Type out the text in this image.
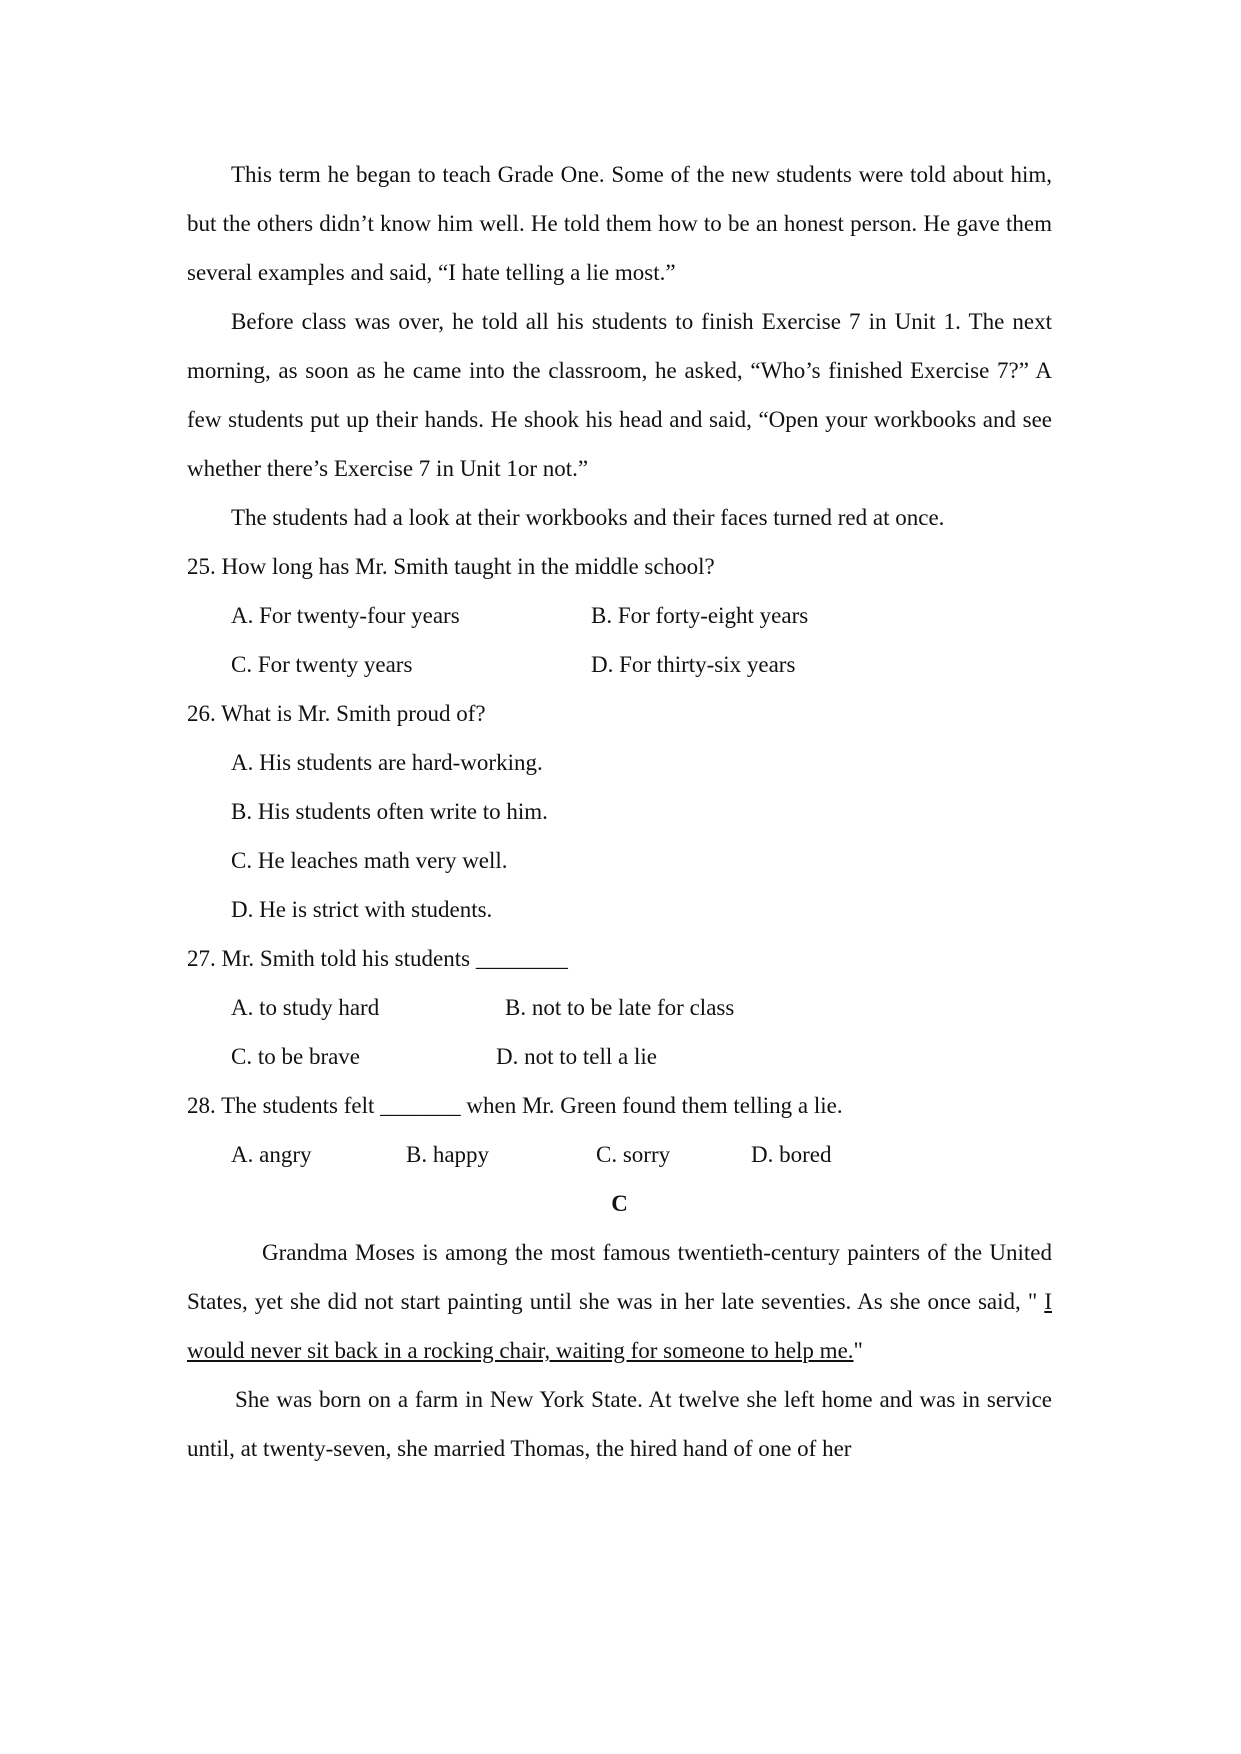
This term he began to teach Grade One. Some of the new students were told about him, but the others didn’t know him well. He told them how to be an honest person. He gave them several examples and said, “I hate telling a lie most.”

Before class was over, he told all his students to finish Exercise 7 in Unit 1. The next morning, as soon as he came into the classroom, he asked, “Who’s finished Exercise 7?” A few students put up their hands. He shook his head and said, “Open your workbooks and see whether there’s Exercise 7 in Unit 1or not.”

The students had a look at their workbooks and their faces turned red at once.

25. How long has Mr. Smith taught in the middle school?

A. For twenty-four years	B. For forty-eight years

C. For twenty years	D. For thirty-six years

26. What is Mr. Smith proud of?

A. His students are hard-working.

B. His students often write to him.

C. He leaches math very well.

D. He is strict with students.

27. Mr. Smith told his students ________

A. to study hard	B. not to be late for class

C. to be brave	D. not to tell a lie

28. The students felt _______ when Mr. Green found them telling a lie.

A. angry	B. happy	C. sorry	D. bored

C

Grandma Moses is among the most famous twentieth-century painters of the United States, yet she did not start painting until she was in her late seventies. As she once said, " I would never sit back in a rocking chair, waiting for someone to help me."

She was born on a farm in New York State. At twelve she left home and was in service until, at twenty-seven, she married Thomas, the hired hand of one of her
